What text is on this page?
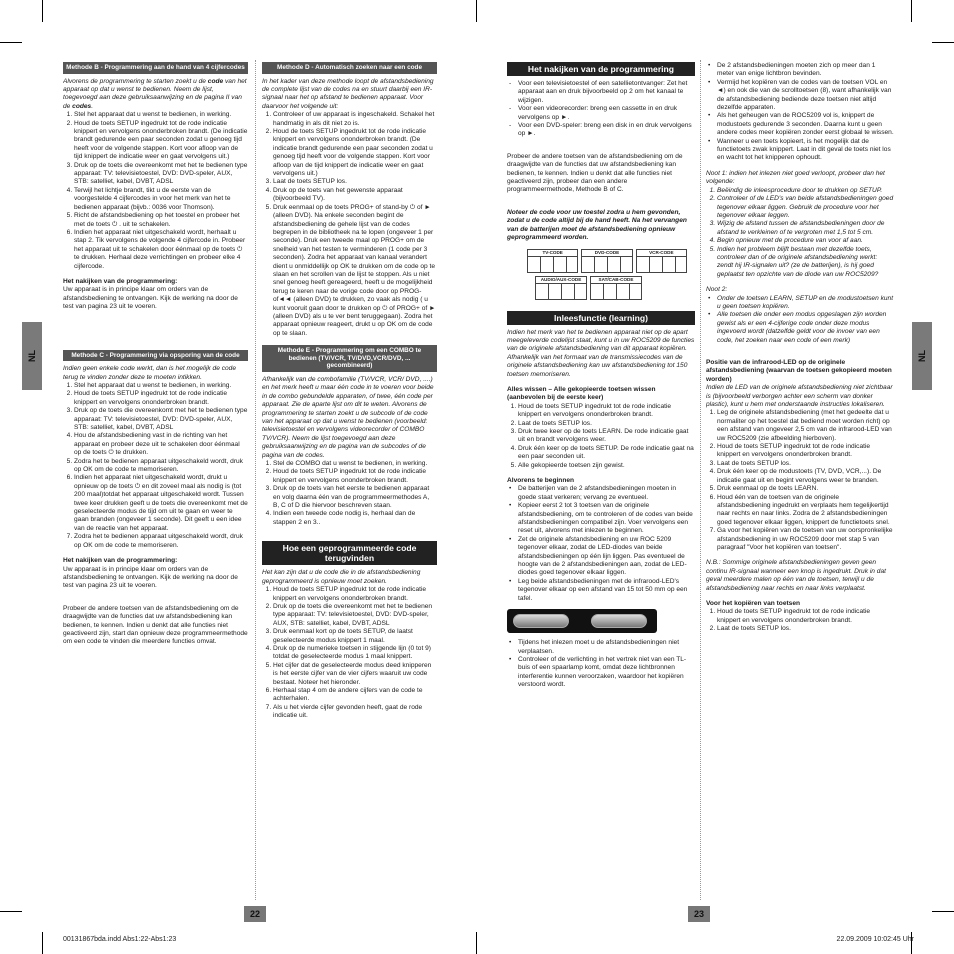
NL	NL
Methode B - Programmering aan de hand van 4 cijfercodes

Alvorens de programmering te starten zoekt u de code van het apparaat op dat u wenst te bedienen. Neem de lijst, toegevoegd aan deze gebruiksaanwijzing en de pagina II van de codes.

1. Stel het apparaat dat u wenst te bedienen, in werking.
2. Houd de toets SETUP ingedrukt tot de rode indicatie knippert en vervolgens ononderbroken brandt. (De indicatie brandt gedurende een paar seconden zodat u genoeg tijd heeft voor de volgende stappen. Kort voor afloop van de tijd knippert de indicatie weer en gaat vervolgens uit.)
3. Druk op de toets die overeenkomt met het te bedienen type apparaat: TV: televisietoestel, DVD: DVD-speler, AUX, STB: satelliet, kabel, DVBT, ADSL
4. Terwijl het lichtje brandt, tikt u de eerste van de voorgestelde 4 cijfercodes in voor het merk van het te bedienen apparaat (bijvb.: 0036 voor Thomson).
5. Richt de afstandsbediening op het toestel en probeer het met de toets ⏻ . uit te schakelen.
6. Indien het apparaat niet uitgeschakeld wordt, herhaalt u stap 2. Tik vervolgens de volgende 4 cijfercode in. Probeer het apparaat uit te schakelen door éénmaal op de toets ⏻ te drukken. Herhaal deze verrichtingen en probeer elke 4 cijfercode.

Het nakijken van de programmering:

Uw apparaat is in principe klaar om orders van de afstandsbediening te ontvangen. Kijk de werking na door de test van pagina 23 uit te voeren.

Methode C - Programmering via opsporing van de code

Indien geen enkele code werkt, dan is het mogelijk de code terug te vinden zonder deze te moeten intikken.

1. Stel het apparaat dat u wenst te bedienen, in werking.
2. Houd de toets SETUP ingedrukt tot de rode indicatie knippert en vervolgens ononderbroken brandt.
3. Druk op de toets die overeenkomt met het te bedienen type apparaat: TV: televisietoestel, DVD: DVD-speler, AUX, STB: satelliet, kabel, DVBT, ADSL
4. Hou de afstandsbediening vast in de richting van het apparaat en probeer deze uit te schakelen door éénmaal op de toets ⏻ te drukken.
5. Zodra het te bedienen apparaat uitgeschakeld wordt, druk op OK om de code te memoriseren.
6. Indien het apparaat niet uitgeschakeld wordt, drukt u opnieuw op de toets ⏻ en dit zoveel maal als nodig is (tot 200 maal)totdat het apparaat uitgeschakeld wordt. Tussen twee keer drukken geeft u de toets die overeenkomt met de geselecteerde modus de tijd om uit te gaan en weer te gaan branden (ongeveer 1 seconde). Dit geeft u een idee van de reactie van het apparaat.
7. Zodra het te bedienen apparaat uitgeschakeld wordt, druk op OK om de code te memoriseren.

Het nakijken van de programmering:

Uw apparaat is in principe klaar om orders van de afstandsbediening te ontvangen. Kijk de werking na door de test van pagina 23 uit te voeren.

Probeer de andere toetsen van de afstandsbediening om de draagwijdte van de functies dat uw afstandsbediening kan bedienen, te kennen. Indien u denkt dat alle functies niet geactiveerd zijn, start dan opnieuw deze programmeermethode om een code te vinden die meerdere functies omvat.

Methode D - Automatisch zoeken naar een code

In het kader van deze methode loopt de afstandsbediening de complete lijst van de codes na en stuurt daarbij een IR-signaal naar het op afstand te bedienen apparaat. Voor daarvoor het volgende uit:

1. Controleer of uw apparaat is ingeschakeld. Schakel het handmatig in als dit niet zo is.
2. Houd de toets SETUP ingedrukt tot de rode indicatie knippert en vervolgens ononderbroken brandt. (De indicatie brandt gedurende een paar seconden zodat u genoeg tijd heeft voor de volgende stappen. Kort voor afloop van de tijd knippert de indicatie weer en gaat vervolgens uit.)
3. Laat de toets SETUP los.
4. Druk op de toets van het gewenste apparaat (bijvoorbeeld TV).
5. Druk eenmaal op de toets PROG+ of stand-by ⏻ of ► (alleen DVD). Na enkele seconden begint de afstandsbediening de gehele lijst van de codes begrepen in de bibliotheek na te lopen (ongeveer 1 per seconde). Druk een tweede maal op PROG+ om de snelheid van het testen te verminderen (1 code per 3 seconden). Zodra het apparaat van kanaal verandert dient u onmiddellijk op OK te drukken om de code op te slaan en het scrollen van de lijst te stoppen. Als u niet snel genoeg heeft gereageerd, heeft u de mogelijkheid terug te keren naar de vorige code door op PROG- of◄◄ (alleen DVD) te drukken, zo vaak als nodig ( u kunt vooruit gaan door te drukken op ⏻ of PROG+ of ► (alleen DVD) als u te ver bent teruggegaan). Zodra het apparaat opnieuw reageert, drukt u op OK om de code op te slaan.
Methode E - Programmering om een COMBO te bedienen (TV/VCR, TV/DVD,VCR/DVD, ... gecombineerd)

Afhankelijk van de combofamilie (TV/VCR, VCR/ DVD, ....) en het merk heeft u maar één code in te voeren voor beide in de combo gebundelde apparaten, of twee, één code per apparaat. Zie de aparte lijst om dit te weten. Alvorens de programmering te starten zoekt u de subcode of de code van het apparaat op dat u wenst te bedienen (voorbeeld: televisietoestel en vervolgens videorecorder of COMBO TV/VCR). Neem de lijst toegevoegd aan deze gebruiksaanwijzing en de pagina van de subcodes of de pagina van de codes.

1. Stel de COMBO dat u wenst te bedienen, in werking.
2. Houd de toets SETUP ingedrukt tot de rode indicatie knippert en vervolgens ononderbroken brandt.
3. Druk op de toets van het eerste te bedienen apparaat en volg daarna één van de programmeermethodes A, B, C of D die hiervoor beschreven staan.
4. Indien een tweede code nodig is, herhaal dan de stappen 2 en 3..
Hoe een geprogrammeerde code terugvinden

Het kan zijn dat u de code die in de afstandsbediening geprogrammeerd is opnieuw moet zoeken.

1. Houd de toets SETUP ingedrukt tot de rode indicatie knippert en vervolgens ononderbroken brandt.
2. Druk op de toets die overeenkomt met het te bedienen type apparaat: TV: televisietoestel, DVD: DVD-speler, AUX, STB: satelliet, kabel, DVBT, ADSL
3. Druk eenmaal kort op de toets SETUP, de laatst geselecteerde modus knippert 1 maal.
4. Druk op de numerieke toetsen in stijgende lijn (0 tot 9) totdat de geselecteerde modus 1 maal knippert.
5. Het cijfer dat de geselecteerde modus deed knipperen is het eerste cijfer van de vier cijfers waaruit uw code bestaat. Noteer het hieronder.
6. Herhaal stap 4 om de andere cijfers van de code te achterhalen.
7. Als u het vierde cijfer gevonden heeft, gaat de rode indicatie uit.
Het nakijken van de programmering
- Voor een televisietoestel of een satellietontvanger: Zet het apparaat aan en druk bijvoorbeeld op 2 om het kanaal te wijzigen.
- Voor een videorecorder: breng een cassette in en druk vervolgens op ►.
- Voor een DVD-speler: breng een disk in en druk vervolgens op ►.

Probeer de andere toetsen van de afstandsbediening om de draagwijdte van de functies dat uw afstandsbediening kan bedienen, te kennen. Indien u denkt dat alle functies niet geactiveerd zijn, probeer dan een andere programmeermethode, Methode B of C.

Noteer de code voor uw toestel zodra u hem gevonden, zodat u de code altijd bij de hand heeft. Na het vervangen van de batterijen moet de afstandsbediening opnieuw geprogrammeerd worden.

TV-CODE	DVD-CODE	VCR-CODE
AUDIO/AUX-CODE	SAT/CAB-CODE
Inleesfunctie (learning)

Indien het merk van het te bedienen apparaat niet op de apart meegeleverde codelijst staat, kunt u in uw ROC5209 de functies van de originele afstandsbediening van dit apparaat kopiëren. Afhankelijk van het formaat van de transmissiecodes van de originele afstandsbediening kan uw afstandsbediening tot 150 toetsen memoriseren.

Alles wissen – Alle gekopieerde toetsen wissen (aanbevolen bij de eerste keer)

1. Houd de toets SETUP ingedrukt tot de rode indicatie knippert en vervolgens ononderbroken brandt.
2. Laat de toets SETUP los.
3. Druk twee keer op de toets LEARN. De rode indicatie gaat uit en brandt vervolgens weer.
4. Druk één keer op de toets SETUP. De rode indicatie gaat na een paar seconden uit.
5. Alle gekopieerde toetsen zijn gewist.

Alvorens te beginnen

• De batterijen van de 2 afstandsbedieningen moeten in goede staat verkeren; vervang ze eventueel.
• Kopieer eerst 2 tot 3 toetsen van de originele afstandsbediening, om te controleren of de codes van beide afstandsbedieningen compatibel zijn. Voer vervolgens een reset uit, alvorens met inlezen te beginnen.
• Zet de originele afstandsbediening en uw ROC 5209 tegenover elkaar, zodat de LED-diodes van beide afstandsbedieningen op één lijn liggen. Pas eventueel de hoogte van de 2 afstandsbedieningen aan, zodat de LED-diodes goed tegenover elkaar liggen.
• Leg beide afstandsbedieningen met de infrarood-LED's tegenover elkaar op een afstand van 15 tot 50 mm op een tafel.
• Tijdens het inlezen moet u de afstandsbedieningen niet verplaatsen.
• Controleer of de verlichting in het vertrek niet van een TL-buis of een spaarlamp komt, omdat deze lichtbronnen interferentie kunnen veroorzaken, waardoor het kopiëren verstoord wordt.
• De 2 afstandsbedieningen moeten zich op meer dan 1 meter van enige lichtbron bevinden.
• Vermijd het kopiëren van de codes van de toetsen VOL en ◄) en ook die van de scrolltoetsen (8), want afhankelijk van de afstandsbediening bediende deze toetsen niet altijd dezelfde apparaten.
• Als het geheugen van de ROC5209 vol is, knippert de modustoets gedurende 3 seconden. Daarna kunt u geen andere codes meer kopiëren zonder eerst globaal te wissen.
• Wanneer u een toets kopieert, is het mogelijk dat de functietoets zwak knippert. Laat in dit geval de toets niet los en wacht tot het knipperen ophoudt.

Noot 1: indien het inlezen niet goed verloopt, probeer dan het volgende:

1. Beëindig de inleesprocedure door te drukken op SETUP.
2. Controleer of de LED's van beide afstandsbedieningen goed tegenover elkaar liggen. Gebruik de procedure voor het tegenover elkaar leggen.
3. Wijzig de afstand tussen de afstandsbedieningen door de afstand te verkleinen of te vergroten met 1,5 tot 5 cm.
4. Begin opnieuw met de procedure van voor af aan.
5. Indien het probleem blijft bestaan met dezelfde toets, controleer dan of de originele afstandsbediening werkt: zendt hij IR-signalen uit? (ze de batterijen), is hij goed geplaatst ten opzichte van de diode van uw ROC5209?

Noot 2:

• Onder de toetsen LEARN, SETUP en de modustoetsen kunt u geen toetsen kopiëren.
• Alle toetsen die onder een modus opgeslagen zijn worden gewist als er een 4-cijferige code onder deze modus ingevoerd wordt (datzelfde geldt voor de invoer van een code, het zoeken naar een code of een merk)

Positie van de infrarood-LED op de originele afstandsbediening (waarvan de toetsen gekopieerd moeten worden)

Indien de LED van de originele afstandsbediening niet zichtbaar is (bijvoorbeeld verborgen achter een scherm van donker plastic), kunt u hem met onderstaande instructies lokaliseren.

1. Leg de originele afstandsbediening (met het gedeelte dat u normaliter op het toestel dat bediend moet worden richt) op een afstand van ongeveer 2,5 cm van de infrarood-LED van uw ROC5209 (zie afbeelding hierboven).
2. Houd de toets SETUP ingedrukt tot de rode indicatie knippert en vervolgens ononderbroken brandt.
3. Laat de toets SETUP los.
4. Druk één keer op de modustoets (TV, DVD, VCR,...). De indicatie gaat uit en begint vervolgens weer te branden.
5. Druk eenmaal op de toets LEARN.
6. Houd één van de toetsen van de originele afstandsbediening ingedrukt en verplaats hem tegelijkertijd naar rechts en naar links. Zodra de 2 afstandsbedieningen goed tegenover elkaar liggen, knippert de functietoets snel.
7. Ga voor het kopiëren van de toetsen van uw oorspronkelijke afstandsbediening in uw ROC5209 door met stap 5 van paragraaf "Voor het kopiëren van toetsen".

N.B.: Sommige originele afstandsbedieningen geven geen continu IR-signaal wanneer een knop is ingedrukt. Druk in dat geval meerdere malen op één van de toetsen, terwijl u de afstandsbediening naar rechts en naar links verplaatst.

Voor het kopiëren van toetsen

1. Houd de toets SETUP ingedrukt tot de rode indicatie knippert en vervolgens ononderbroken brandt.
2. Laat de toets SETUP los.
22	23
00131867bda.indd Abs1:22-Abs1:23	22.09.2009 10:02:45 Uhr
